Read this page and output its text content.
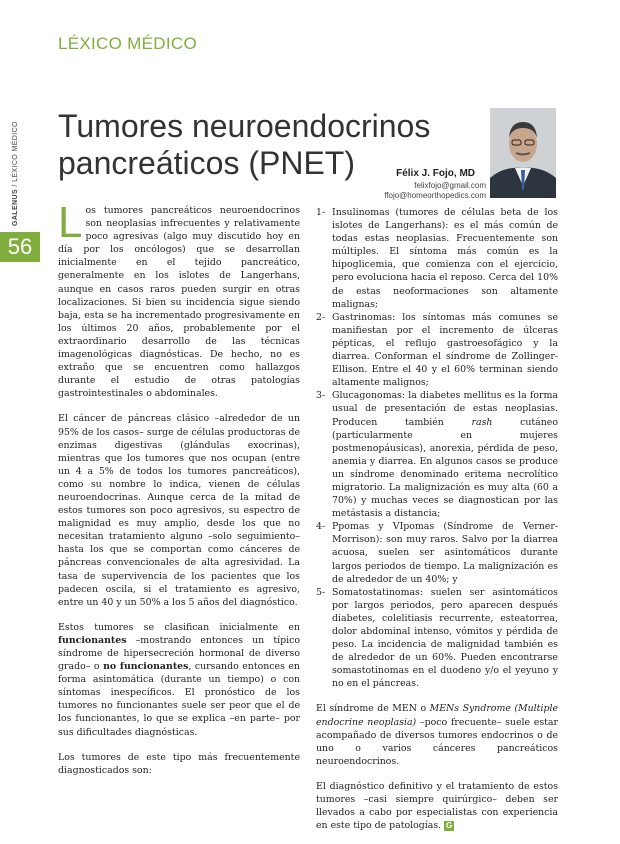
LÉXICO MÉDICO
56
GALENUS / LÉXICO MÉDICO Tumores neuroendocrinos
pancreáticos (PNET)	Félix J. Fojo, MD
felixfojo@gmail.com
ffojo@homeorthopedics.com

Los tumores pancreáticos neuroendocrinos son neoplasias infrecuentes y relativamente poco agresivas (algo muy discutido hoy en día por los oncólogos) que se desarrollan inicialmente en el tejido pancreático, generalmente en los islotes de Langerhans, aunque en casos raros pueden surgir en otras localizaciones. Si bien su incidencia sigue siendo baja, esta se ha incrementado progresivamente en los últimos 20 años, probablemente por el extraordinario desarrollo de las técnicas imagenológicas diagnósticas. De hecho, no es extraño que se encuentren como hallazgos durante el estudio de otras patologías gastrointestinales o abdominales.

El cáncer de páncreas clásico –alrededor de un 95% de los casos– surge de células productoras de enzimas digestivas (glándulas exocrinas), mientras que los tumores que nos ocupan (entre un 4 a 5% de todos los tumores pancreáticos), como su nombre lo indica, vienen de células neuroendocrinas. Aunque cerca de la mitad de estos tumores son poco agresivos, su espectro de malignidad es muy amplio, desde los que no necesitan tratamiento alguno –solo seguimiento– hasta los que se comportan como cánceres de páncreas convencionales de alta agresividad. La tasa de supervivencia de los pacientes que los padecen oscila, si el tratamiento es agresivo, entre un 40 y un 50% a los 5 años del diagnóstico.

Estos tumores se clasifican inicialmente en funcionantes –mostrando entonces un típico síndrome de hipersecreción hormonal de diverso grado– o no funcionantes, cursando entonces en forma asintomática (durante un tiempo) o con síntomas inespecíficos. El pronóstico de los tumores no funcionantes suele ser peor que el de los funcionantes, lo que se explica –en parte– por sus dificultades diagnósticas.

Los tumores de este tipo más frecuentemente diagnosticados son:

1- Insulinomas (tumores de células beta de los islotes de Langerhans): es el más común de todas estas neoplasias. Frecuentemente son múltiples. El síntoma más común es la hipoglicemia, que comienza con el ejercicio, pero evoluciona hacia el reposo. Cerca del 10% de estas neoformaciones son altamente malignas;
2- Gastrinomas: los síntomas más comunes se manifiestan por el incremento de úlceras pépticas, el reflujo gastroesofágico y la diarrea. Conforman el síndrome de Zollinger-Ellison. Entre el 40 y el 60% terminan siendo altamente malignos;
3- Glucagonomas: la diabetes mellitus es la forma usual de presentación de estas neoplasias. Producen también rash cutáneo (particularmente en mujeres postmenopáusicas), anorexia, pérdida de peso, anemia y diarrea. En algunos casos se produce un síndrome denominado eritema necrolítico migratorio. La malignización es muy alta (60 a 70%) y muchas veces se diagnostican por las metástasis a distancia;
4- Ppomas y VIpomas (Síndrome de Verner-Morrison): son muy raros. Salvo por la diarrea acuosa, suelen ser asintomáticos durante largos periodos de tiempo. La malignización es de alrededor de un 40%; y
5- Somatostatinomas: suelen ser asintomáticos por largos periodos, pero aparecen después diabetes, colelitiasis recurrente, esteatorrea, dolor abdominal intenso, vómitos y pérdida de peso. La incidencia de malignidad también es de alrededor de un 60%. Pueden encontrarse somastotinomas en el duodeno y/o el yeyuno y no en el páncreas.

El síndrome de MEN o MENs Syndrome (Multiple endocrine neoplasia) –poco frecuente– suele estar acompañado de diversos tumores endocrinos o de uno o varios cánceres pancreáticos neuroendocrinos.

El diagnóstico definitivo y el tratamiento de estos tumores –casi siempre quirúrgico– deben ser llevados a cabo por especialistas con experiencia en este tipo de patologías. G
